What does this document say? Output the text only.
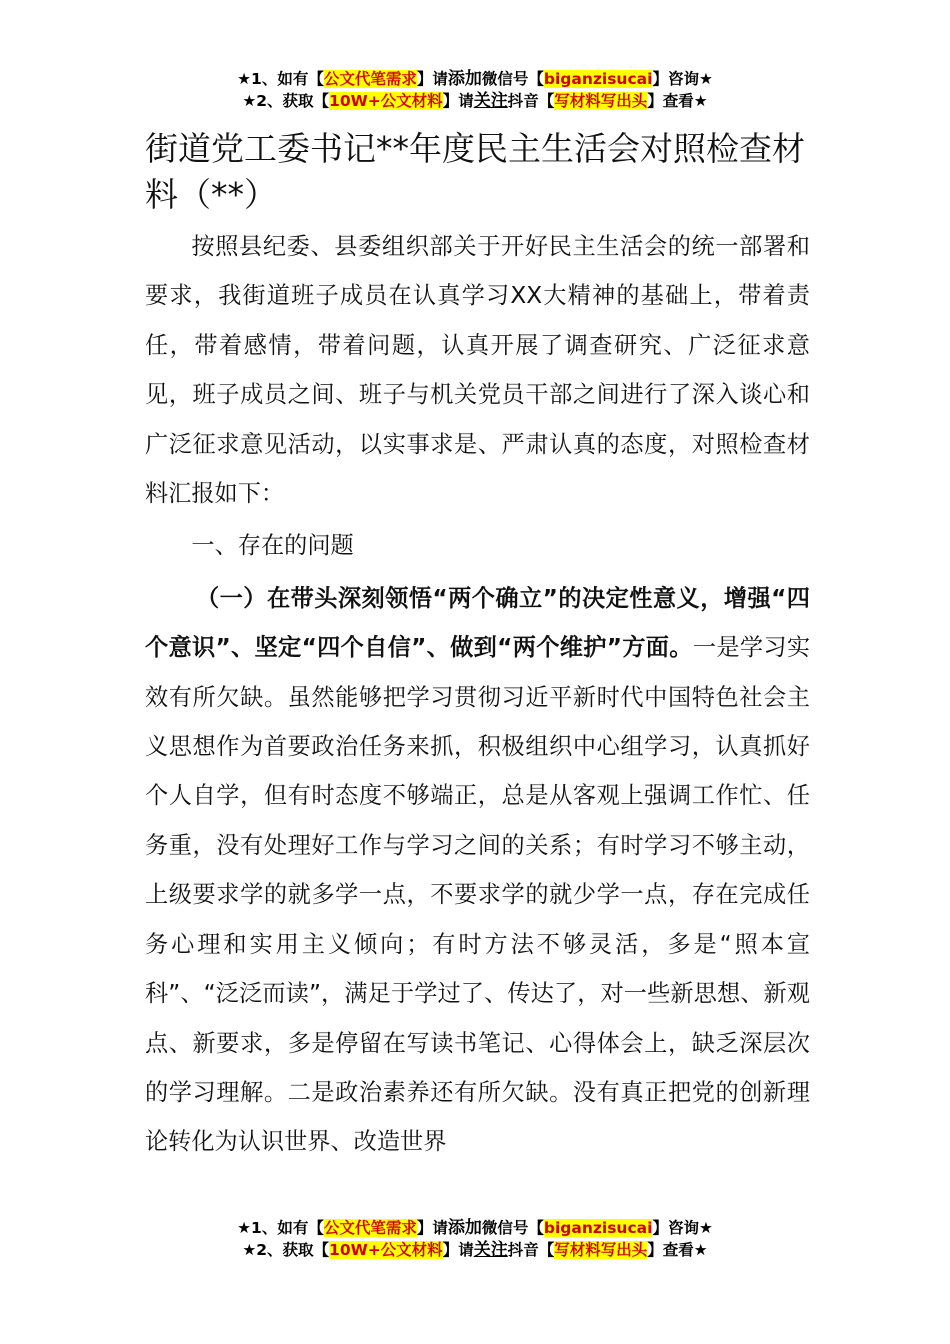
★1、如有【公文代笔需求】请添加微信号【biganzisucai】咨询★
★2、获取【10W+公文材料】请关注抖音【写材料写出头】查看★
街道党工委书记**年度民主生活会对照检查材料（**）

按照县纪委、县委组织部关于开好民主生活会的统一部署和要求，我街道班子成员在认真学习XX大精神的基础上，带着责任，带着感情，带着问题，认真开展了调查研究、广泛征求意见，班子成员之间、班子与机关党员干部之间进行了深入谈心和广泛征求意见活动，以实事求是、严肃认真的态度，对照检查材料汇报如下：

一、存在的问题

（一）在带头深刻领悟“两个确立”的决定性意义，增强“四个意识”、坚定“四个自信”、做到“两个维护”方面。一是学习实效有所欠缺。虽然能够把学习贯彻习近平新时代中国特色社会主义思想作为首要政治任务来抓，积极组织中心组学习，认真抓好个人自学，但有时态度不够端正，总是从客观上强调工作忙、任务重，没有处理好工作与学习之间的关系；有时学习不够主动，上级要求学的就多学一点，不要求学的就少学一点，存在完成任务心理和实用主义倾向；有时方法不够灵活，多是“照本宣科”、“泛泛而读”，满足于学过了、传达了，对一些新思想、新观点、新要求，多是停留在写读书笔记、心得体会上，缺乏深层次的学习理解。二是政治素养还有所欠缺。没有真正把党的创新理论转化为认识世界、改造世界

★1、如有【公文代笔需求】请添加微信号【biganzisucai】咨询★
★2、获取【10W+公文材料】请关注抖音【写材料写出头】查看★
